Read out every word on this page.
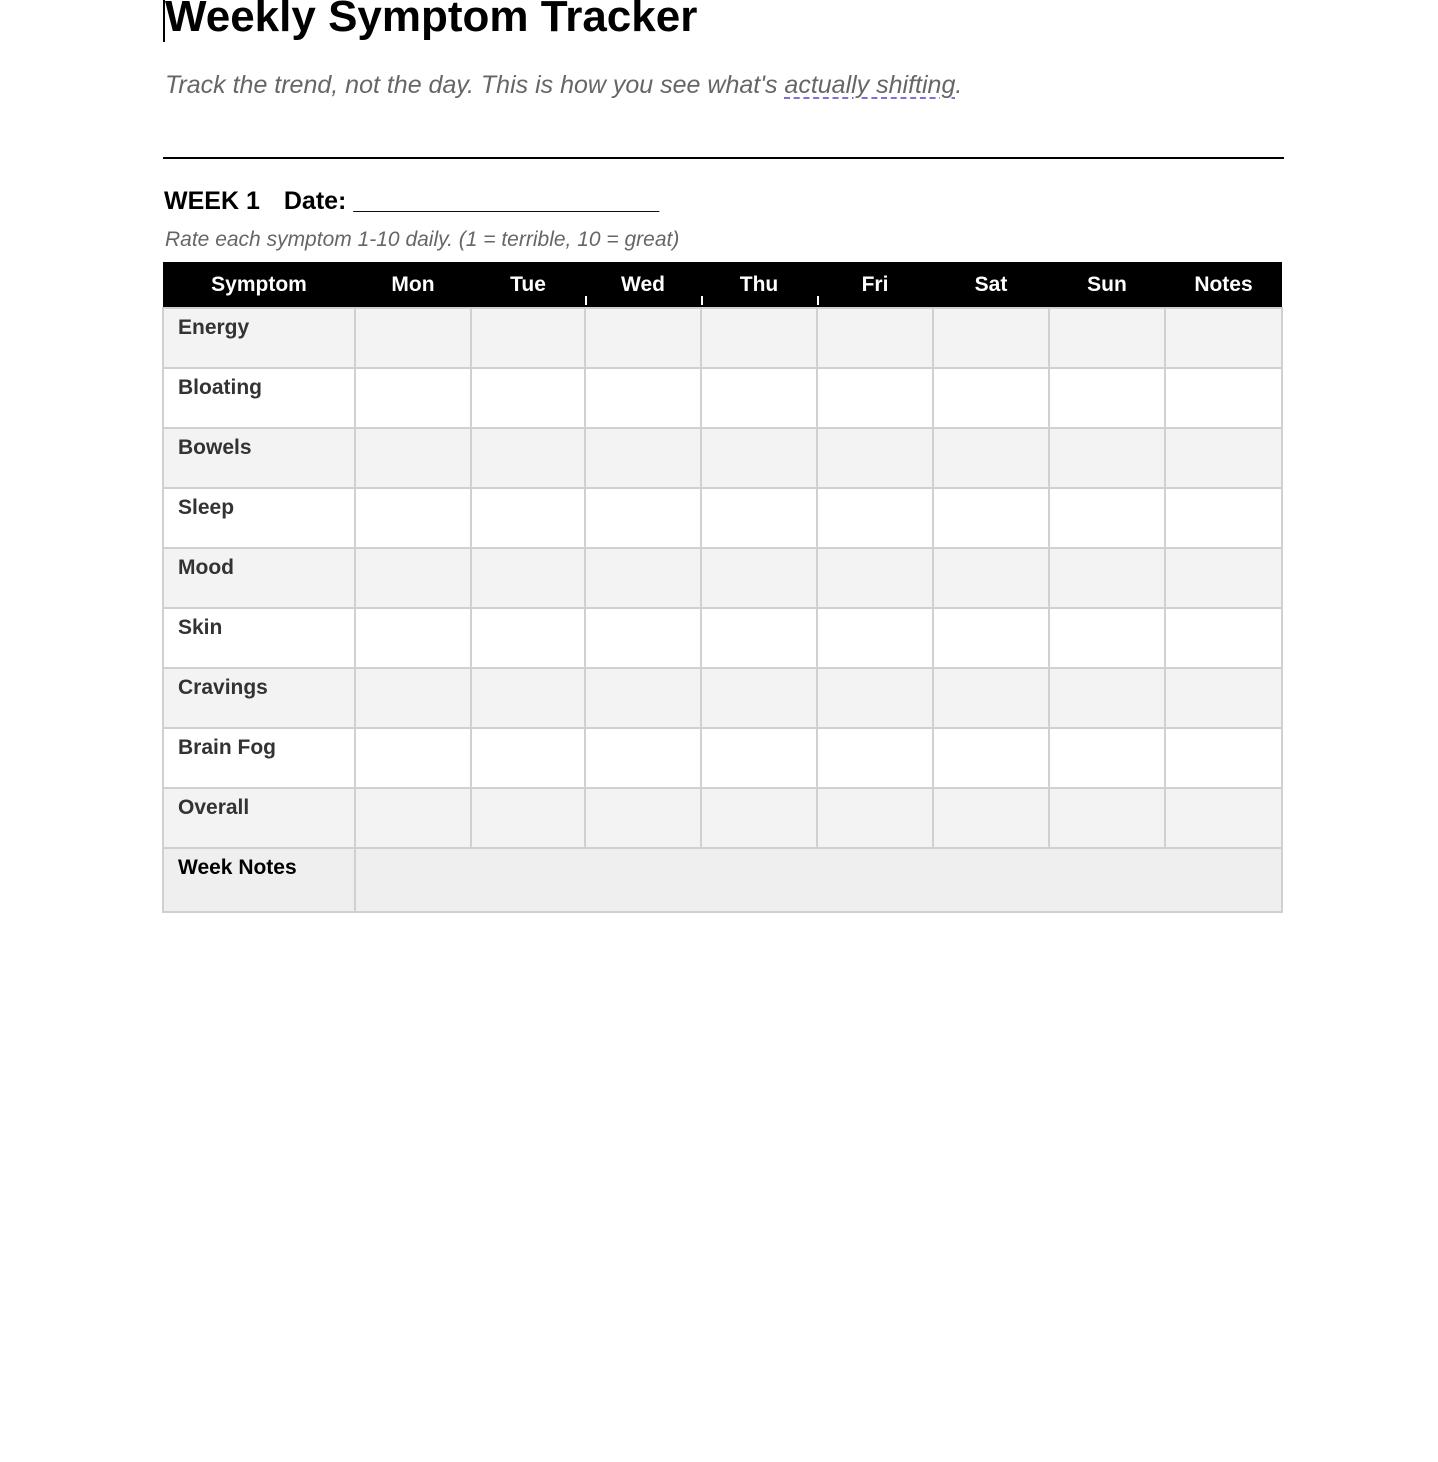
Weekly Symptom Tracker

Track the trend, not the day. This is how you see what's actually shifting.

WEEK 1 Date: ______________________
Rate each symptom 1-10 daily. (1 = terrible, 10 = great)
Symptom	Mon	Tue	Wed	Thu	Fri	Sat	Sun	Notes
Energy								
Bloating								
Bowels								
Sleep								
Mood								
Skin								
Cravings								
Brain Fog								
Overall								
Week Notes								
